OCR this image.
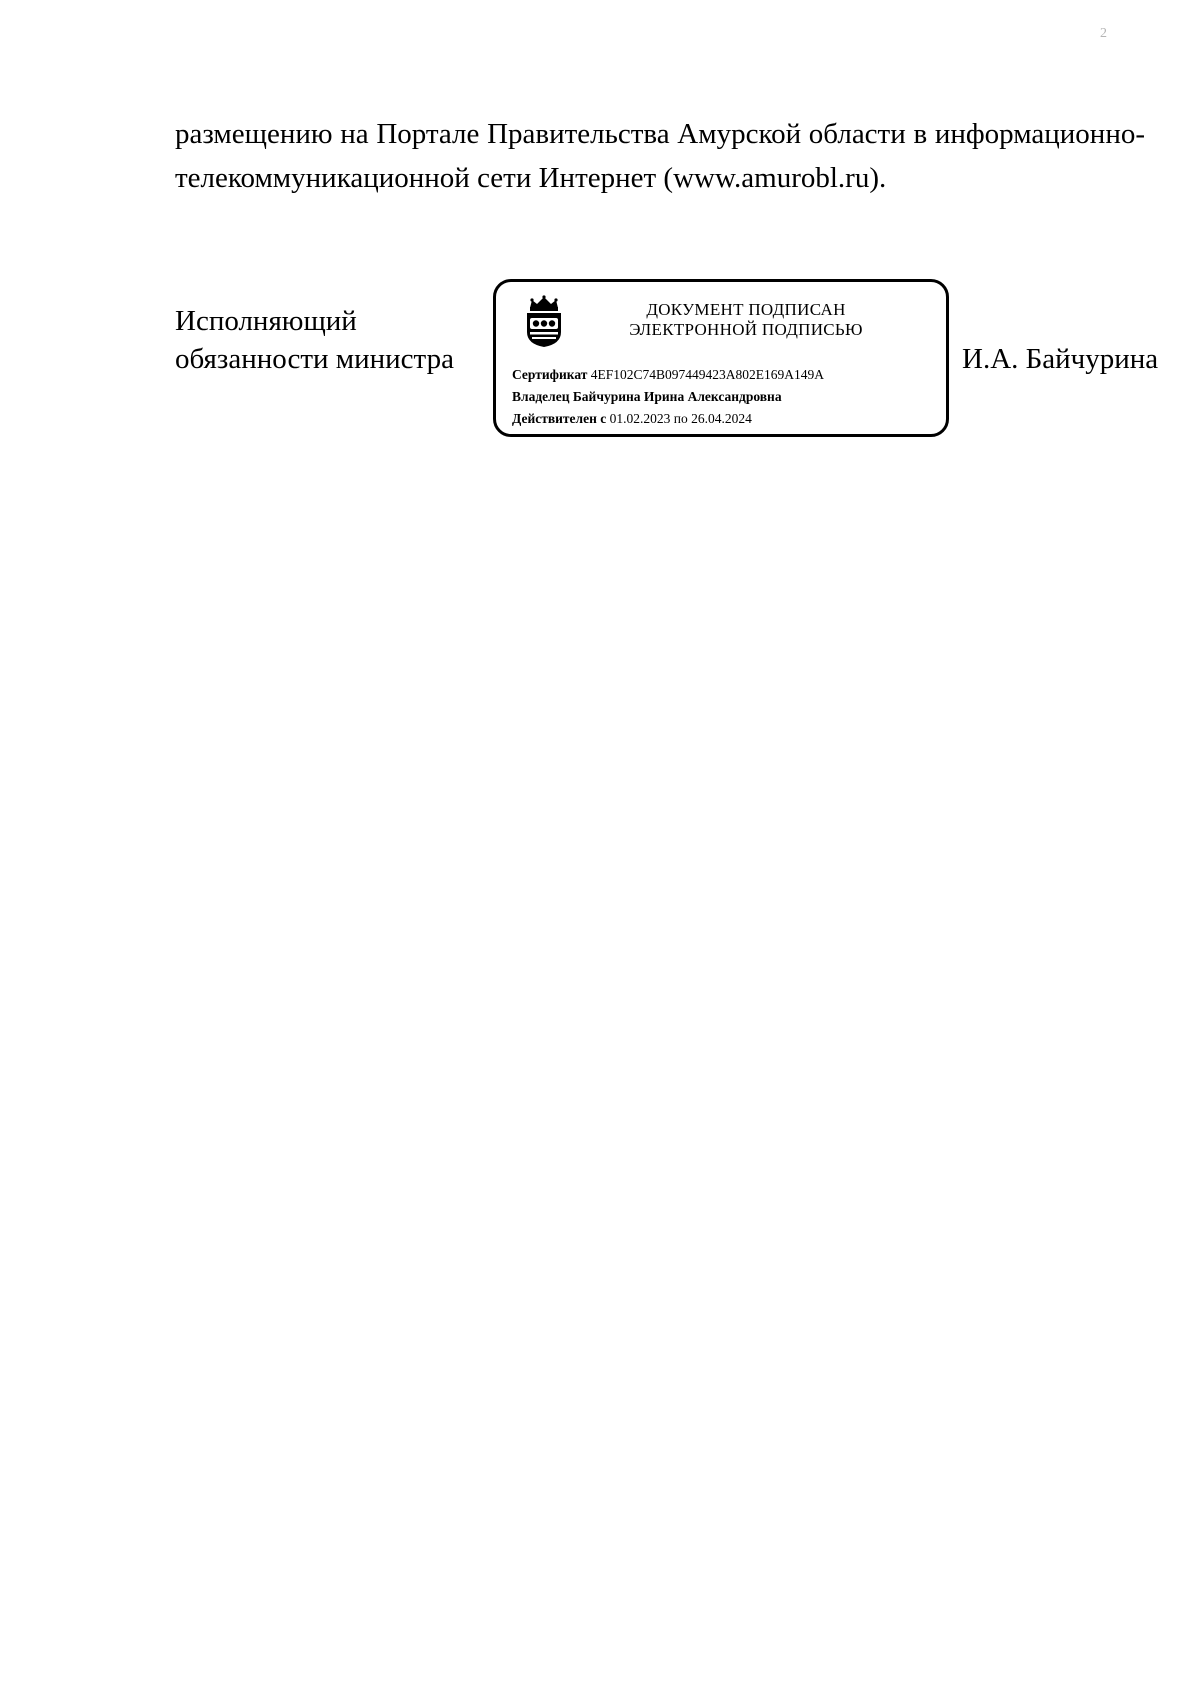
2

размещению на Портале Правительства Амурской области в информационно-

телекоммуникационной сети Интернет (www.amurobl.ru).

Исполняющий
обязанности министра
ДОКУМЕНТ ПОДПИСАН
ЭЛЕКТРОННОЙ ПОДПИСЬЮ
Сертификат 4EF102C74B097449423A802E169A149A
Владелец Байчурина Ирина Александровна
Действителен с 01.02.2023 по 26.04.2024
И.А. Байчурина
